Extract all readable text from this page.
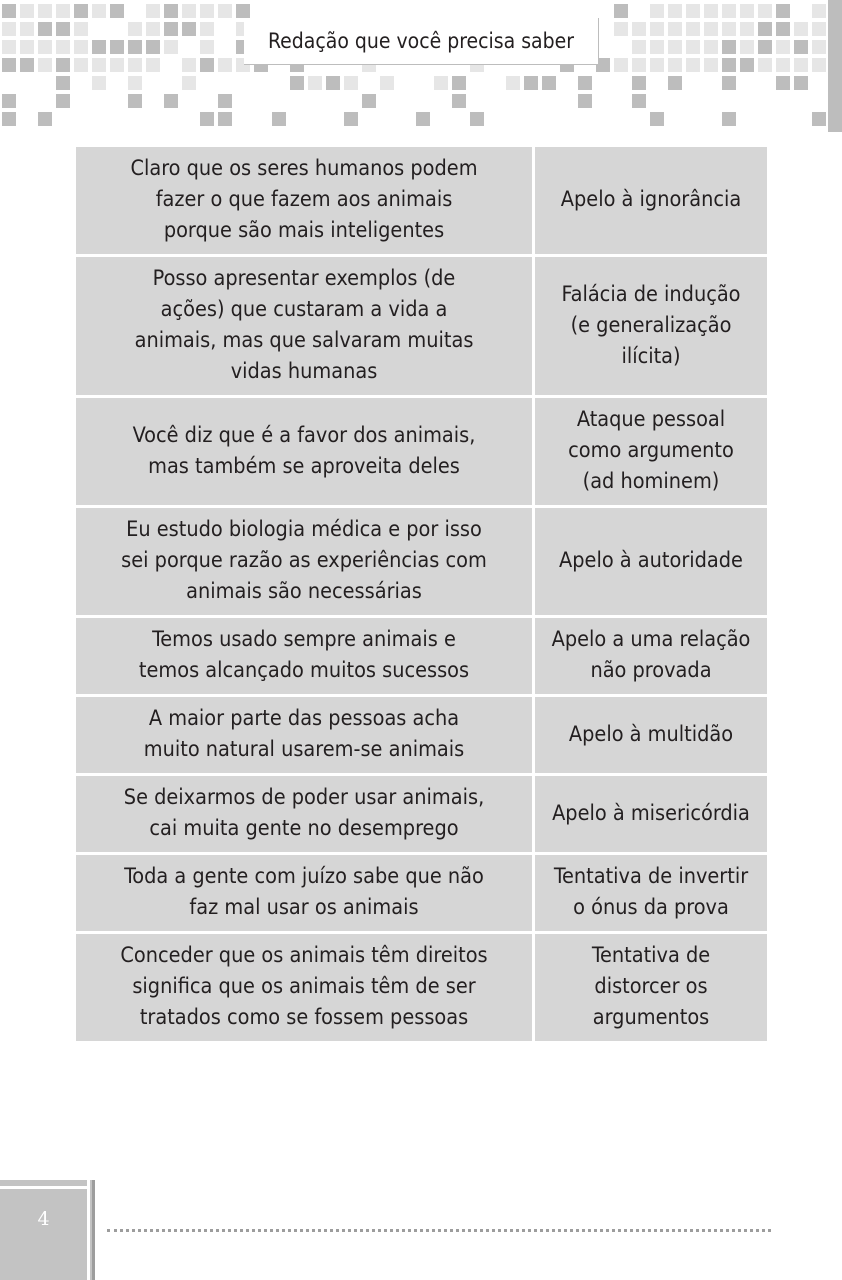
Redação que você precisa saber
Claro que os seres humanos podem
fazer o que fazem aos animais
porque são mais inteligentes	Apelo à ignorância
Posso apresentar exemplos (de
ações) que custaram a vida a
animais, mas que salvaram muitas
vidas humanas	Falácia de indução
(e generalização
ilícita)
Você diz que é a favor dos animais,
mas também se aproveita deles	Ataque pessoal
como argumento
(ad hominem)
Eu estudo biologia médica e por isso
sei porque razão as experiências com
animais são necessárias	Apelo à autoridade
Temos usado sempre animais e
temos alcançado muitos sucessos	Apelo a uma relação
não provada
A maior parte das pessoas acha
muito natural usarem-se animais	Apelo à multidão
Se deixarmos de poder usar animais,
cai muita gente no desemprego	Apelo à misericórdia
Toda a gente com juízo sabe que não
faz mal usar os animais	Tentativa de invertir
o ónus da prova
Conceder que os animais têm direitos
significa que os animais têm de ser
tratados como se fossem pessoas	Tentativa de
distorcer os
argumentos
4
